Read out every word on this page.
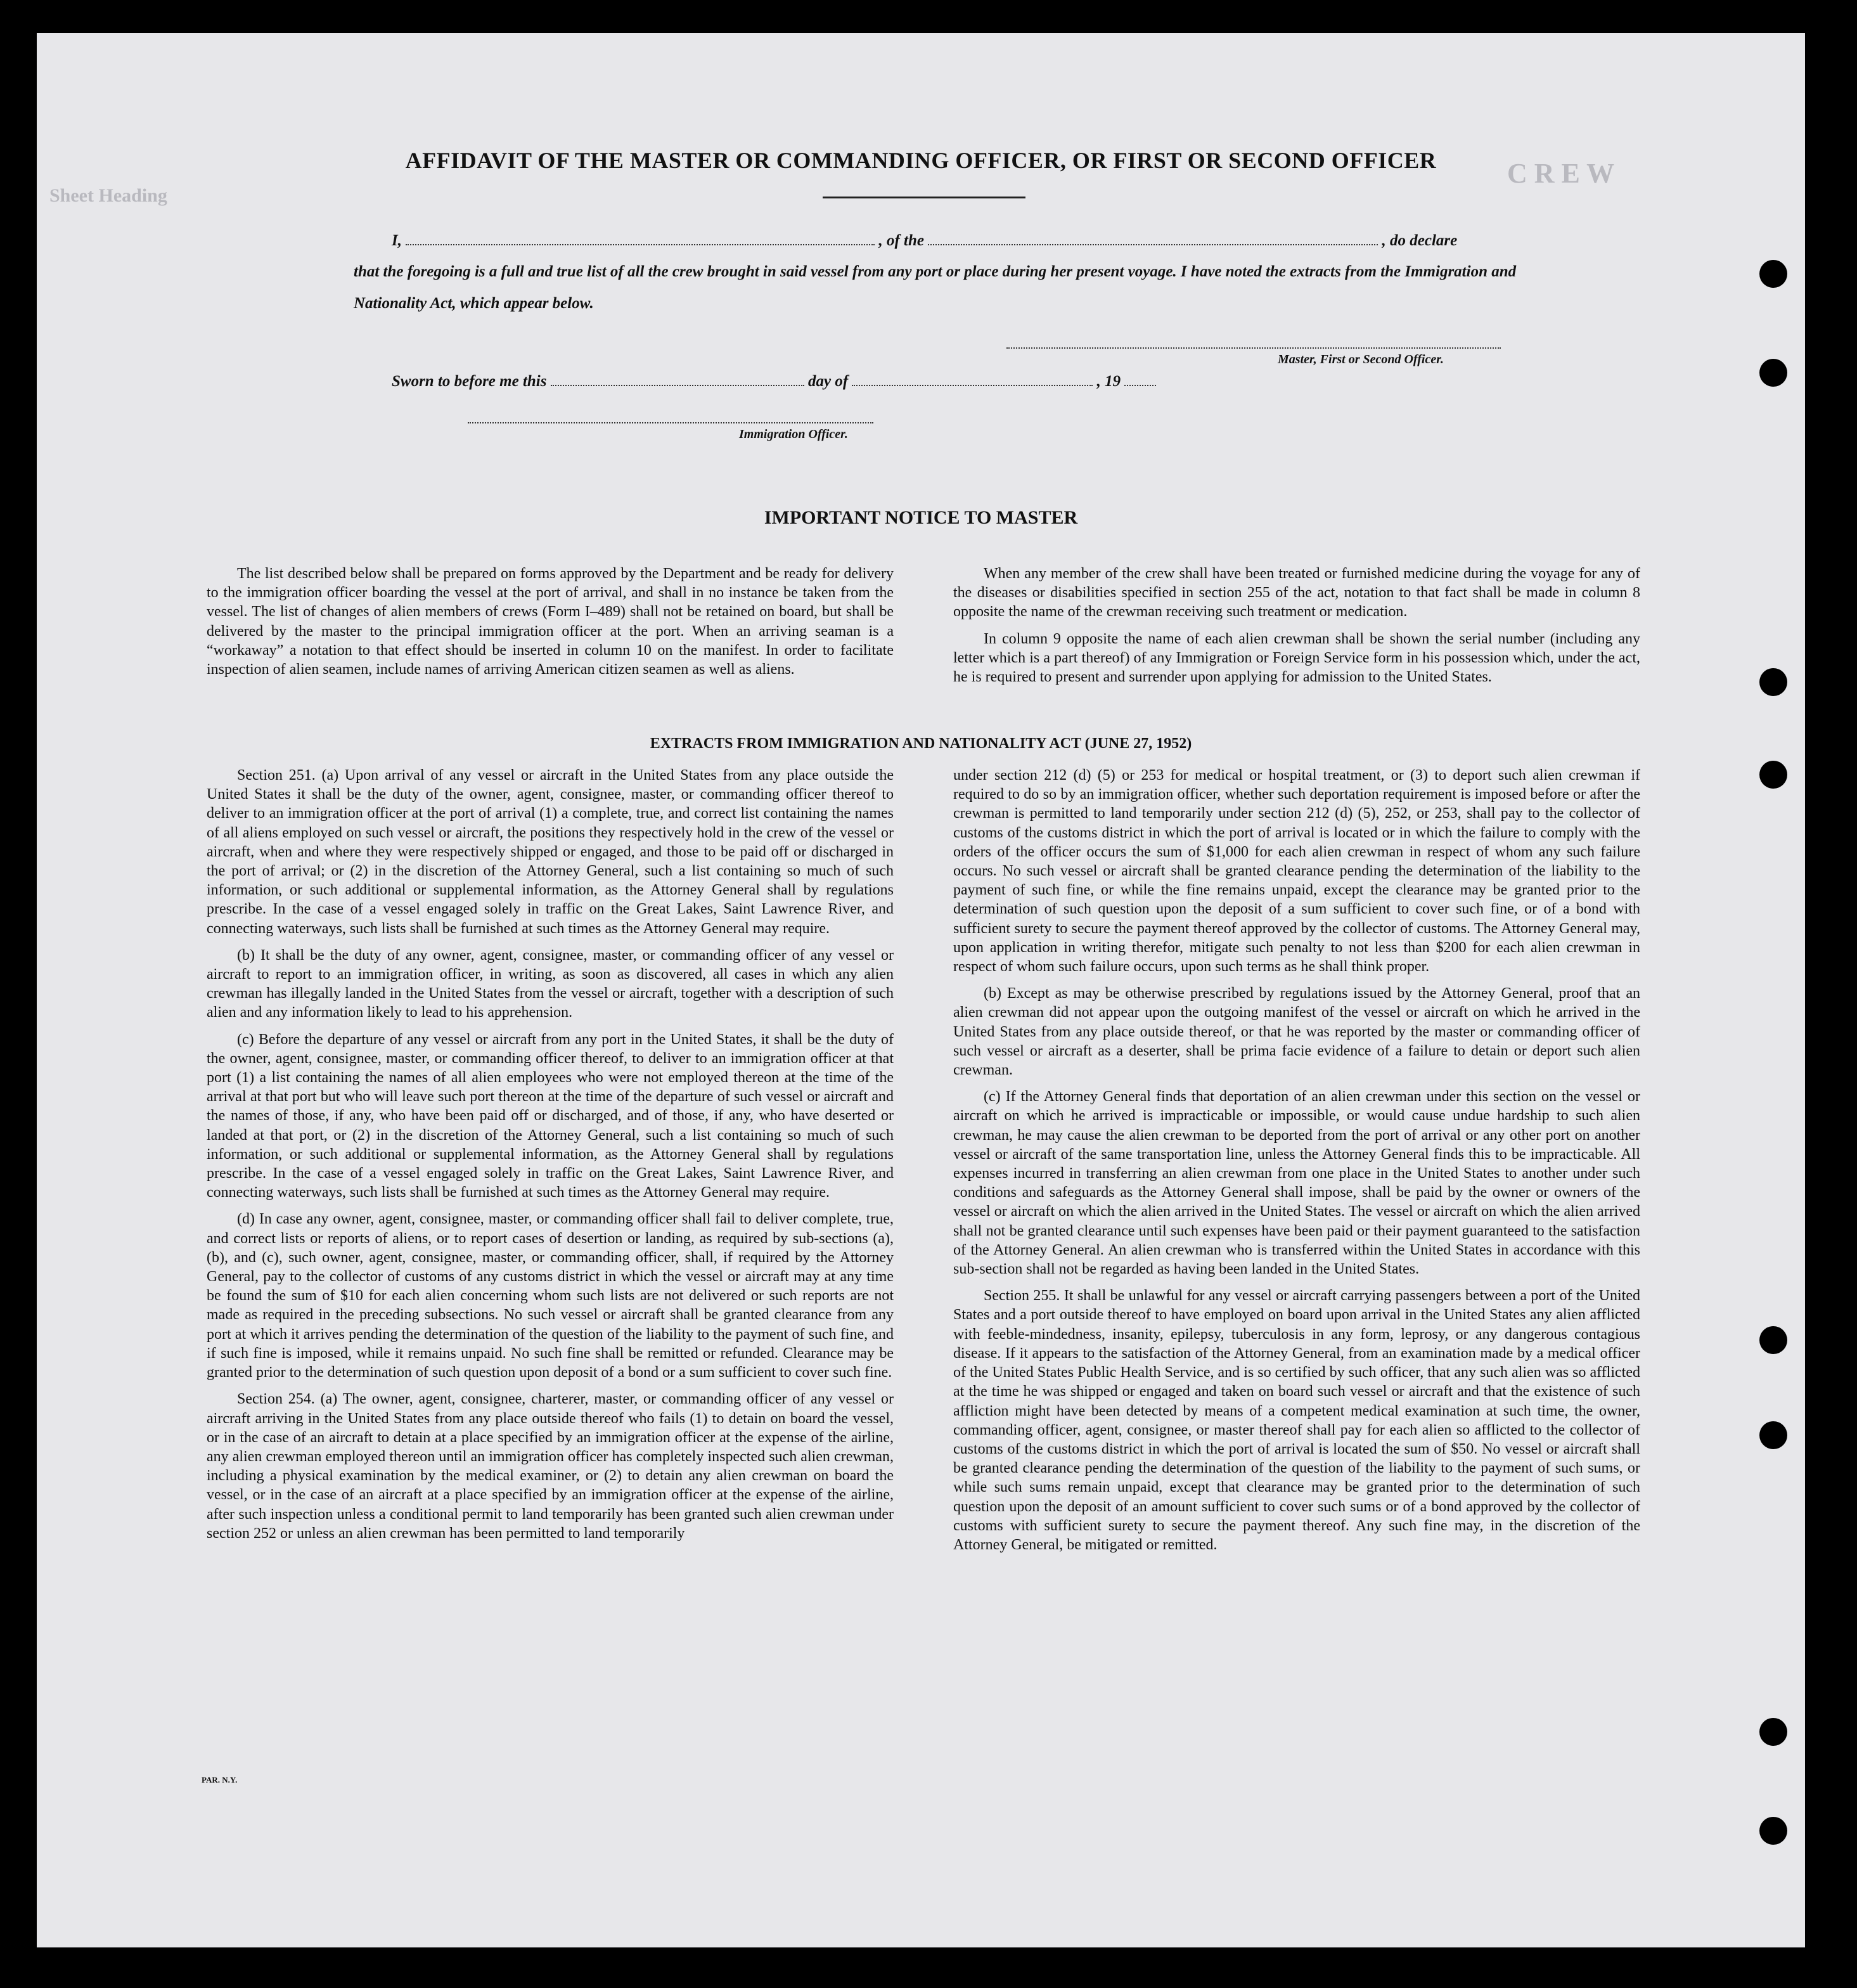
C R E W
Sheet Heading
AFFIDAVIT OF THE MASTER OR COMMANDING OFFICER, OR FIRST OR SECOND OFFICER
I,	, of the	, do declare
that the foregoing is a full and true list of all the crew brought in said vessel from any port or place during her present voyage. I have noted the extracts from the Immigration and Nationality Act, which appear below.
Master, First or Second Officer.
Sworn to before me this	day of	, 19
Immigration Officer.
IMPORTANT NOTICE TO MASTER

The list described below shall be prepared on forms approved by the Department and be ready for delivery to the immigration officer boarding the vessel at the port of arrival, and shall in no instance be taken from the vessel. The list of changes of alien members of crews (Form I–489) shall not be retained on board, but shall be delivered by the master to the principal immigration officer at the port. When an arriving seaman is a “workaway” a notation to that effect should be inserted in column 10 on the manifest. In order to facilitate inspection of alien seamen, include names of arriving American citizen seamen as well as aliens.

When any member of the crew shall have been treated or furnished medicine during the voyage for any of the diseases or disabilities specified in section 255 of the act, notation to that fact shall be made in column 8 opposite the name of the crewman receiving such treatment or medication.

In column 9 opposite the name of each alien crewman shall be shown the serial number (including any letter which is a part thereof) of any Immigration or Foreign Service form in his possession which, under the act, he is required to present and surrender upon applying for admission to the United States.

EXTRACTS FROM IMMIGRATION AND NATIONALITY ACT (JUNE 27, 1952)

Section 251. (a) Upon arrival of any vessel or aircraft in the United States from any place outside the United States it shall be the duty of the owner, agent, consignee, master, or commanding officer thereof to deliver to an immigration officer at the port of arrival (1) a complete, true, and correct list containing the names of all aliens employed on such vessel or aircraft, the positions they respectively hold in the crew of the vessel or aircraft, when and where they were respectively shipped or engaged, and those to be paid off or discharged in the port of arrival; or (2) in the discretion of the Attorney General, such a list containing so much of such information, or such additional or supplemental information, as the Attorney General shall by regulations prescribe. In the case of a vessel engaged solely in traffic on the Great Lakes, Saint Lawrence River, and connecting waterways, such lists shall be furnished at such times as the Attorney General may require.

(b) It shall be the duty of any owner, agent, consignee, master, or commanding officer of any vessel or aircraft to report to an immigration officer, in writing, as soon as discovered, all cases in which any alien crewman has illegally landed in the United States from the vessel or aircraft, together with a description of such alien and any information likely to lead to his apprehension.

(c) Before the departure of any vessel or aircraft from any port in the United States, it shall be the duty of the owner, agent, consignee, master, or commanding officer thereof, to deliver to an immigration officer at that port (1) a list containing the names of all alien employees who were not employed thereon at the time of the arrival at that port but who will leave such port thereon at the time of the departure of such vessel or aircraft and the names of those, if any, who have been paid off or discharged, and of those, if any, who have deserted or landed at that port, or (2) in the discretion of the Attorney General, such a list containing so much of such information, or such additional or supplemental information, as the Attorney General shall by regulations prescribe. In the case of a vessel engaged solely in traffic on the Great Lakes, Saint Lawrence River, and connecting waterways, such lists shall be furnished at such times as the Attorney General may require.

(d) In case any owner, agent, consignee, master, or commanding officer shall fail to deliver complete, true, and correct lists or reports of aliens, or to report cases of desertion or landing, as required by sub-sections (a), (b), and (c), such owner, agent, consignee, master, or commanding officer, shall, if required by the Attorney General, pay to the collector of customs of any customs district in which the vessel or aircraft may at any time be found the sum of $10 for each alien concerning whom such lists are not delivered or such reports are not made as required in the preceding subsections. No such vessel or aircraft shall be granted clearance from any port at which it arrives pending the determination of the question of the liability to the payment of such fine, and if such fine is imposed, while it remains unpaid. No such fine shall be remitted or refunded. Clearance may be granted prior to the determination of such question upon deposit of a bond or a sum sufficient to cover such fine.

Section 254. (a) The owner, agent, consignee, charterer, master, or commanding officer of any vessel or aircraft arriving in the United States from any place outside thereof who fails (1) to detain on board the vessel, or in the case of an aircraft to detain at a place specified by an immigration officer at the expense of the airline, any alien crewman employed thereon until an immigration officer has completely inspected such alien crewman, including a physical examination by the medical examiner, or (2) to detain any alien crewman on board the vessel, or in the case of an aircraft at a place specified by an immigration officer at the expense of the airline, after such inspection unless a conditional permit to land temporarily has been granted such alien crewman under section 252 or unless an alien crewman has been permitted to land temporarily

under section 212 (d) (5) or 253 for medical or hospital treatment, or (3) to deport such alien crewman if required to do so by an immigration officer, whether such deportation requirement is imposed before or after the crewman is permitted to land temporarily under section 212 (d) (5), 252, or 253, shall pay to the collector of customs of the customs district in which the port of arrival is located or in which the failure to comply with the orders of the officer occurs the sum of $1,000 for each alien crewman in respect of whom any such failure occurs. No such vessel or aircraft shall be granted clearance pending the determination of the liability to the payment of such fine, or while the fine remains unpaid, except the clearance may be granted prior to the determination of such question upon the deposit of a sum sufficient to cover such fine, or of a bond with sufficient surety to secure the payment thereof approved by the collector of customs. The Attorney General may, upon application in writing therefor, mitigate such penalty to not less than $200 for each alien crewman in respect of whom such failure occurs, upon such terms as he shall think proper.

(b) Except as may be otherwise prescribed by regulations issued by the Attorney General, proof that an alien crewman did not appear upon the outgoing manifest of the vessel or aircraft on which he arrived in the United States from any place outside thereof, or that he was reported by the master or commanding officer of such vessel or aircraft as a deserter, shall be prima facie evidence of a failure to detain or deport such alien crewman.

(c) If the Attorney General finds that deportation of an alien crewman under this section on the vessel or aircraft on which he arrived is impracticable or impossible, or would cause undue hardship to such alien crewman, he may cause the alien crewman to be deported from the port of arrival or any other port on another vessel or aircraft of the same transportation line, unless the Attorney General finds this to be impracticable. All expenses incurred in transferring an alien crewman from one place in the United States to another under such conditions and safeguards as the Attorney General shall impose, shall be paid by the owner or owners of the vessel or aircraft on which the alien arrived in the United States. The vessel or aircraft on which the alien arrived shall not be granted clearance until such expenses have been paid or their payment guaranteed to the satisfaction of the Attorney General. An alien crewman who is transferred within the United States in accordance with this sub-section shall not be regarded as having been landed in the United States.

Section 255. It shall be unlawful for any vessel or aircraft carrying passengers between a port of the United States and a port outside thereof to have employed on board upon arrival in the United States any alien afflicted with feeble-mindedness, insanity, epilepsy, tuberculosis in any form, leprosy, or any dangerous contagious disease. If it appears to the satisfaction of the Attorney General, from an examination made by a medical officer of the United States Public Health Service, and is so certified by such officer, that any such alien was so afflicted at the time he was shipped or engaged and taken on board such vessel or aircraft and that the existence of such affliction might have been detected by means of a competent medical examination at such time, the owner, commanding officer, agent, consignee, or master thereof shall pay for each alien so afflicted to the collector of customs of the customs district in which the port of arrival is located the sum of $50. No vessel or aircraft shall be granted clearance pending the determination of the question of the liability to the payment of such sums, or while such sums remain unpaid, except that clearance may be granted prior to the determination of such question upon the deposit of an amount sufficient to cover such sums or of a bond approved by the collector of customs with sufficient surety to secure the payment thereof. Any such fine may, in the discretion of the Attorney General, be mitigated or remitted.

PAR. N.Y.
